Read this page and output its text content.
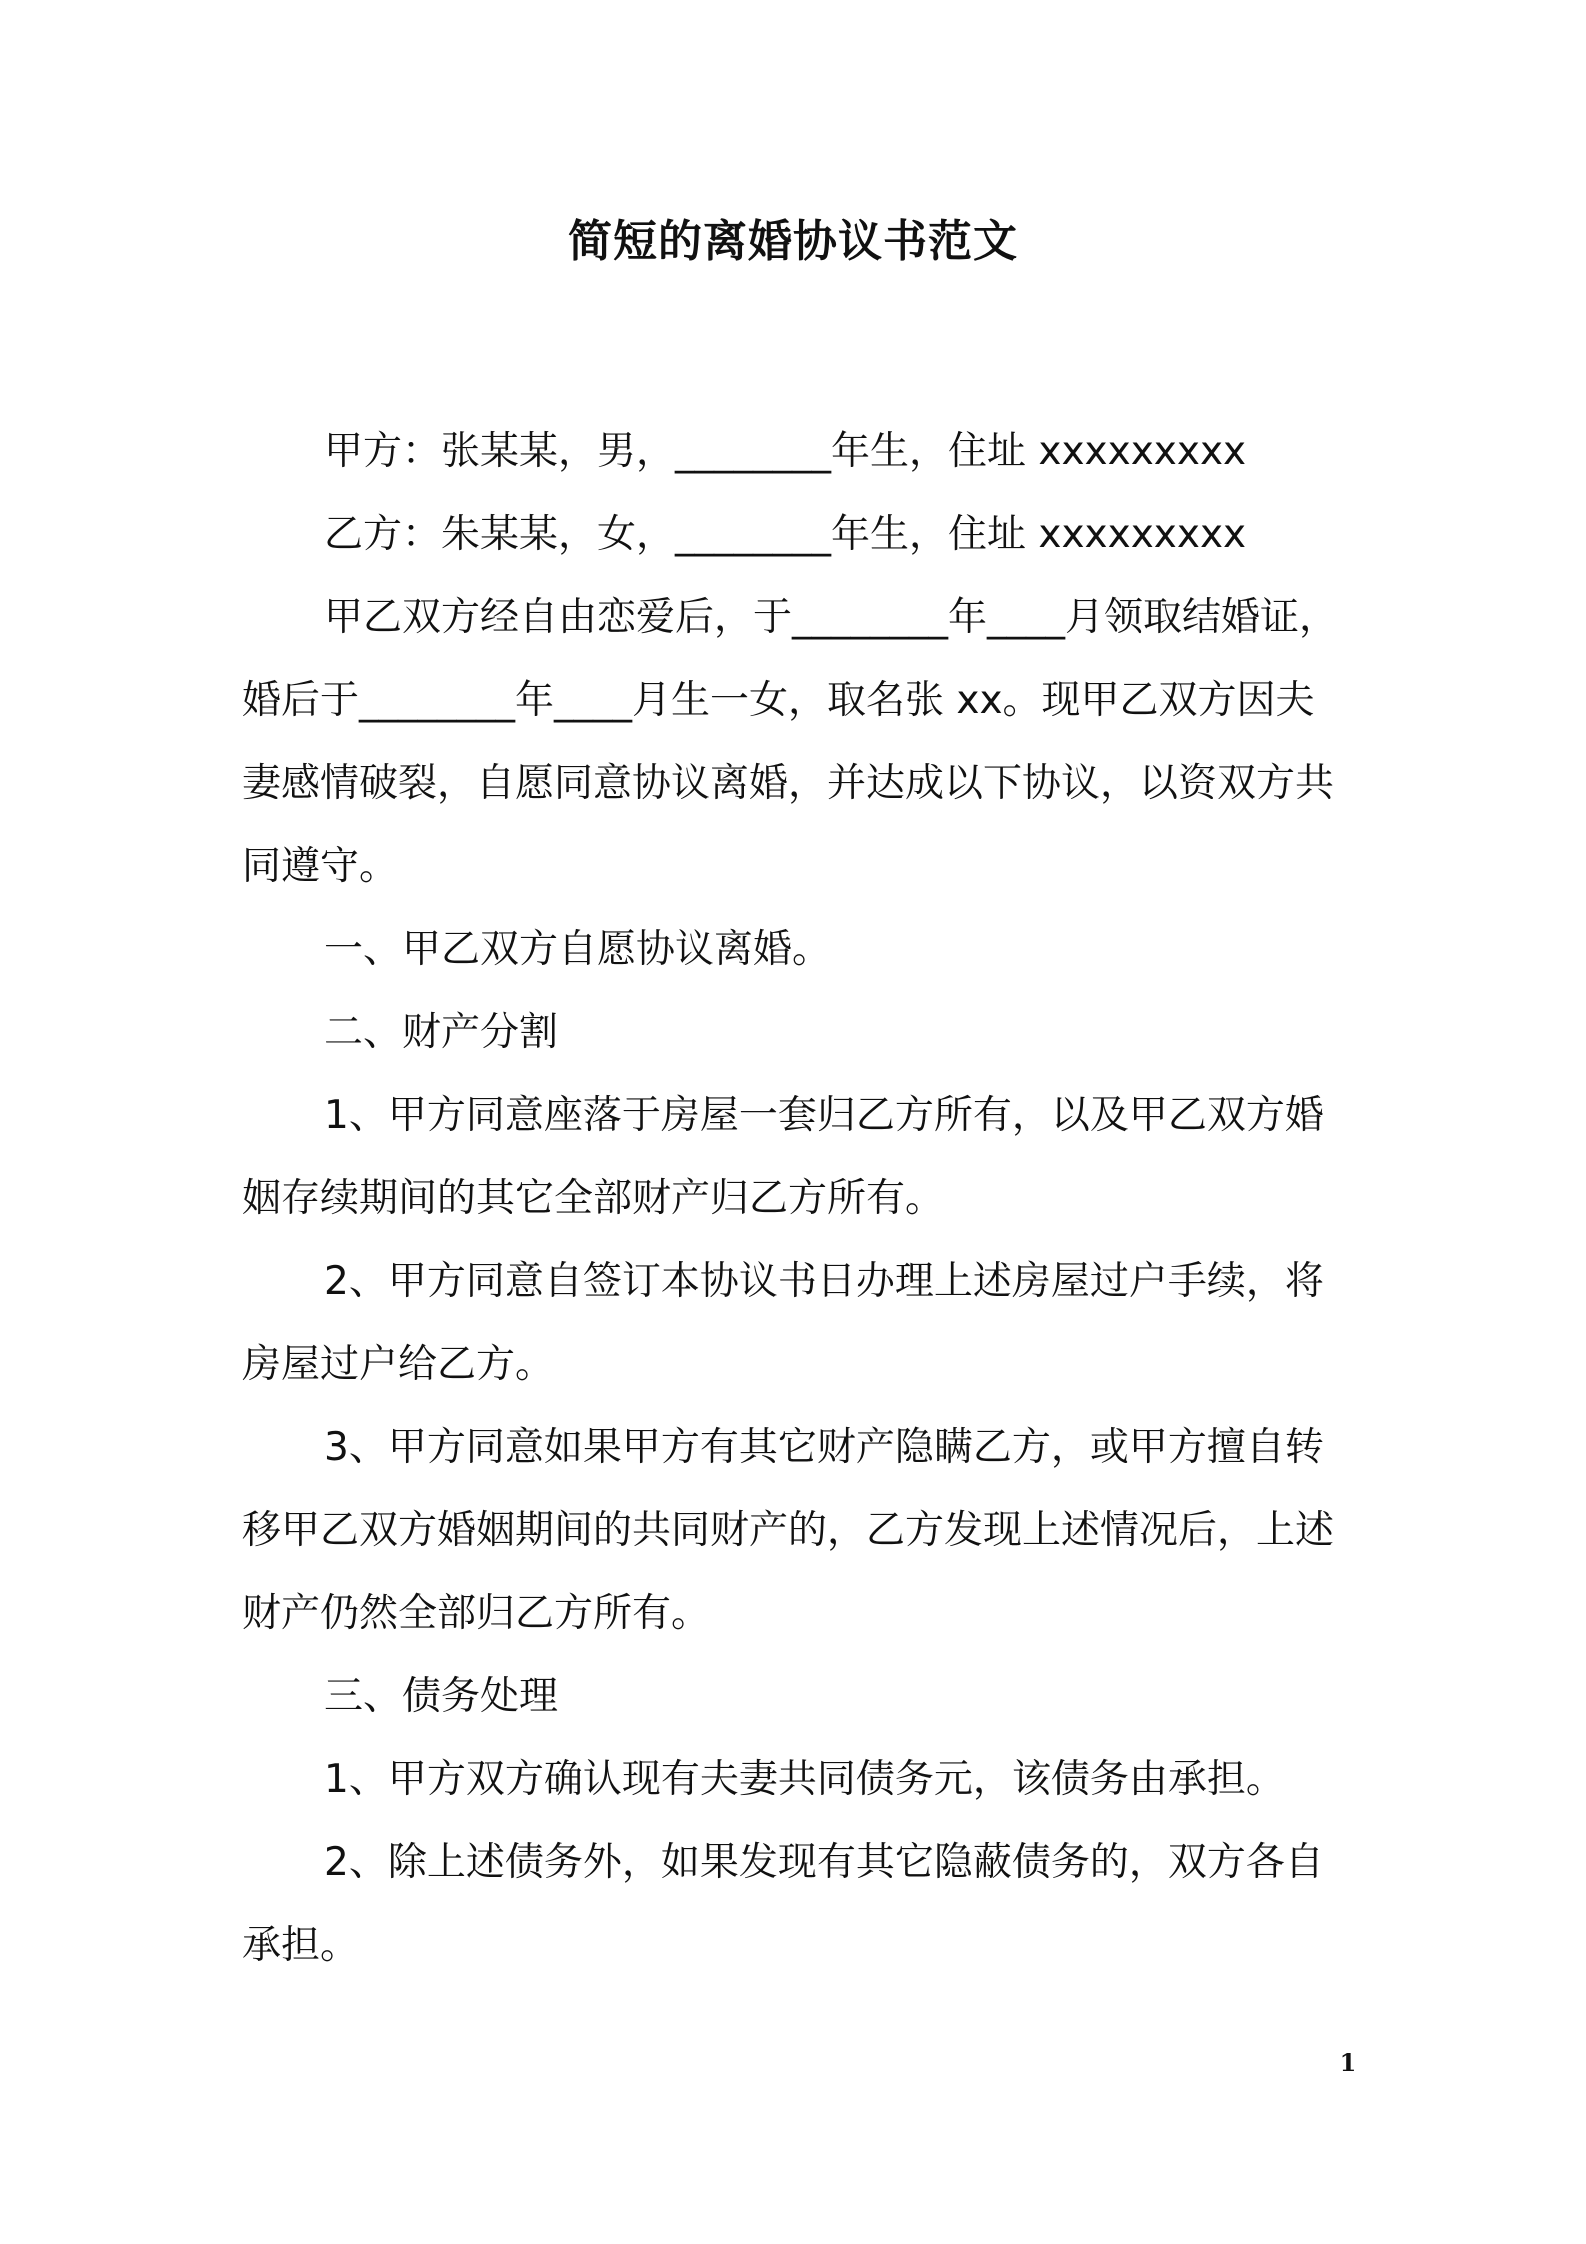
简短的离婚协议书范文
甲方：张某某，男，________年生，住址 xxxxxxxxx
乙方：朱某某，女，________年生，住址 xxxxxxxxx
甲乙双方经自由恋爱后，于________年____月领取结婚证，
婚后于________年____月生一女，取名张 xx。现甲乙双方因夫
妻感情破裂，自愿同意协议离婚，并达成以下协议，以资双方共
同遵守。
一、甲乙双方自愿协议离婚。
二、财产分割
1、甲方同意座落于房屋一套归乙方所有，以及甲乙双方婚
姻存续期间的其它全部财产归乙方所有。
2、甲方同意自签订本协议书日办理上述房屋过户手续，将
房屋过户给乙方。
3、甲方同意如果甲方有其它财产隐瞒乙方，或甲方擅自转
移甲乙双方婚姻期间的共同财产的，乙方发现上述情况后，上述
财产仍然全部归乙方所有。
三、债务处理
1、甲方双方确认现有夫妻共同债务元，该债务由承担。
2、除上述债务外，如果发现有其它隐蔽债务的，双方各自
承担。
1
